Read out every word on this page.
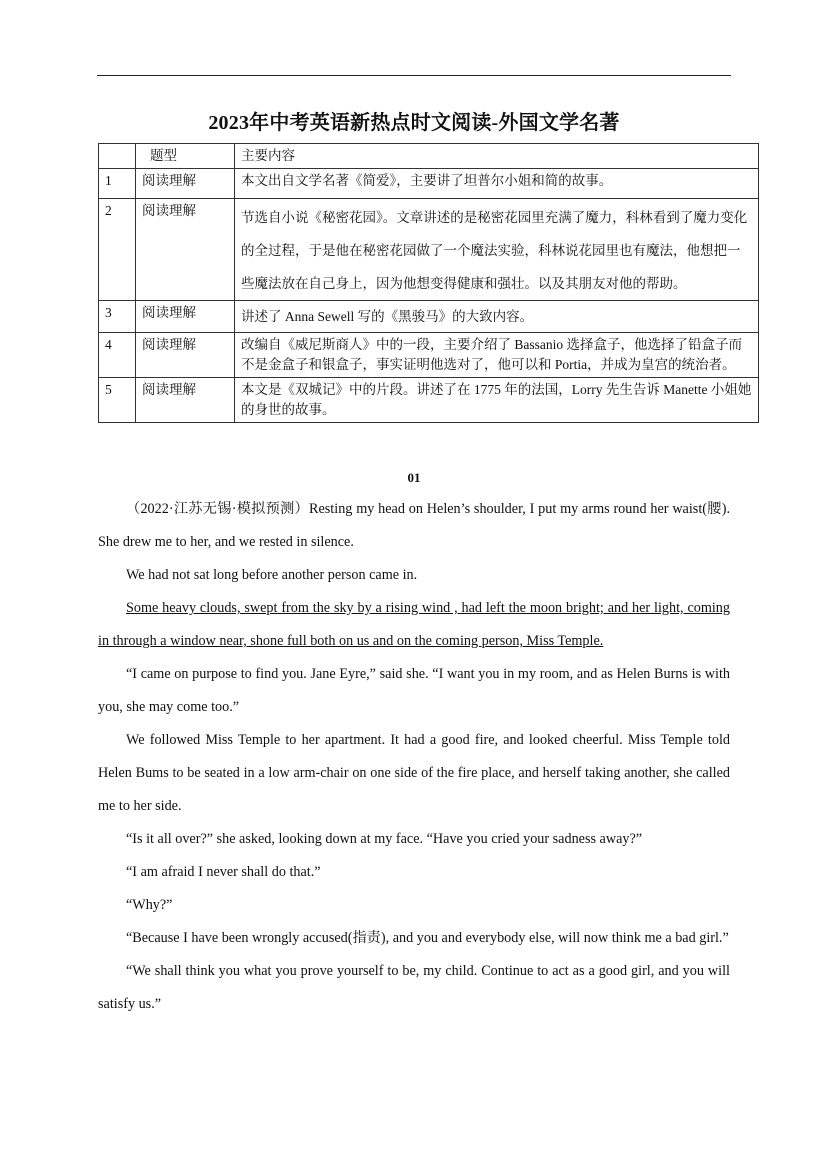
2023年中考英语新热点时文阅读-外国文学名著
	题型	主要内容
1	阅读理解	本文出自文学名著《简爱》，主要讲了坦普尔小姐和简的故事。
2	阅读理解	节选自小说《秘密花园》。文章讲述的是秘密花园里充满了魔力，科林看到了魔力变化的全过程，于是他在秘密花园做了一个魔法实验，科林说花园里也有魔法，他想把一些魔法放在自己身上，因为他想变得健康和强壮。以及其朋友对他的帮助。
3	阅读理解	讲述了 Anna Sewell 写的《黑骏马》的大致内容。
4	阅读理解	改编自《威尼斯商人》中的一段，主要介绍了 Bassanio 选择盒子，他选择了铅盒子而不是金盒子和银盒子，事实证明他选对了，他可以和 Portia，并成为皇宫的统治者。
5	阅读理解	本文是《双城记》中的片段。讲述了在 1775 年的法国，Lorry 先生告诉 Manette 小姐她的身世的故事。
01

（2022·江苏无锡·模拟预测）Resting my head on Helen’s shoulder, I put my arms round her waist(腰). She drew me to her, and we rested in silence.

We had not sat long before another person came in.

Some heavy clouds, swept from the sky by a rising wind , had left the moon bright; and her light, coming in through a window near, shone full both on us and on the coming person, Miss Temple.

“I came on purpose to find you. Jane Eyre,” said she. “I want you in my room, and as Helen Burns is with you, she may come too.”

We followed Miss Temple to her apartment. It had a good fire, and looked cheerful. Miss Temple told Helen Bums to be seated in a low arm-chair on one side of the fire place, and herself taking another, she called me to her side.

“Is it all over?” she asked, looking down at my face. “Have you cried your sadness away?”

“I am afraid I never shall do that.”

“Why?”

“Because I have been wrongly accused(指责), and you and everybody else, will now think me a bad girl.”

“We shall think you what you prove yourself to be, my child. Continue to act as a good girl, and you will satisfy us.”
